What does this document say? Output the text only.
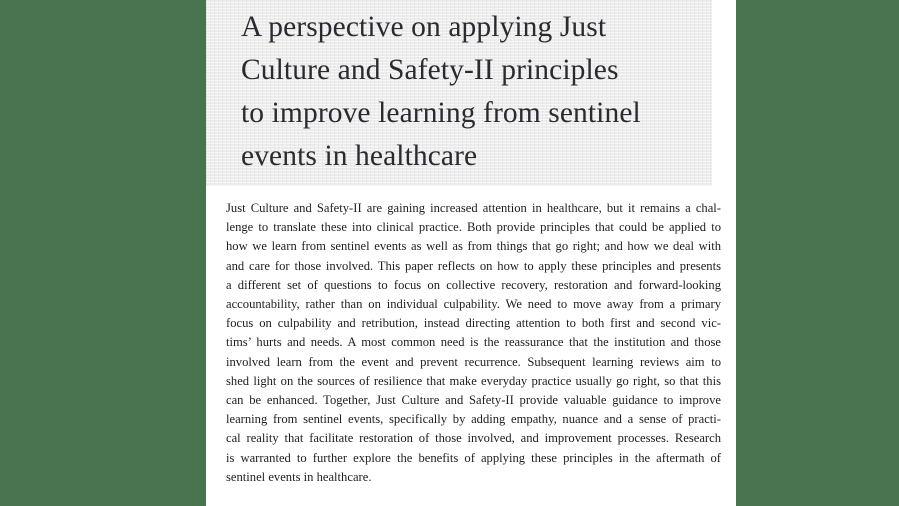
A perspective on applying Just
Culture and Safety-II principles
to improve learning from sentinel
events in healthcare

Just Culture and Safety-II are gaining increased attention in healthcare, but it remains a chal-
lenge to translate these into clinical practice. Both provide principles that could be applied to
how we learn from sentinel events as well as from things that go right; and how we deal with
and care for those involved. This paper reflects on how to apply these principles and presents
a different set of questions to focus on collective recovery, restoration and forward-looking
accountability, rather than on individual culpability. We need to move away from a primary
focus on culpability and retribution, instead directing attention to both first and second vic-
tims’ hurts and needs. A most common need is the reassurance that the institution and those
involved learn from the event and prevent recurrence. Subsequent learning reviews aim to
shed light on the sources of resilience that make everyday practice usually go right, so that this
can be enhanced. Together, Just Culture and Safety-II provide valuable guidance to improve
learning from sentinel events, specifically by adding empathy, nuance and a sense of practi-
cal reality that facilitate restoration of those involved, and improvement processes. Research
is warranted to further explore the benefits of applying these principles in the aftermath of
sentinel events in healthcare.
